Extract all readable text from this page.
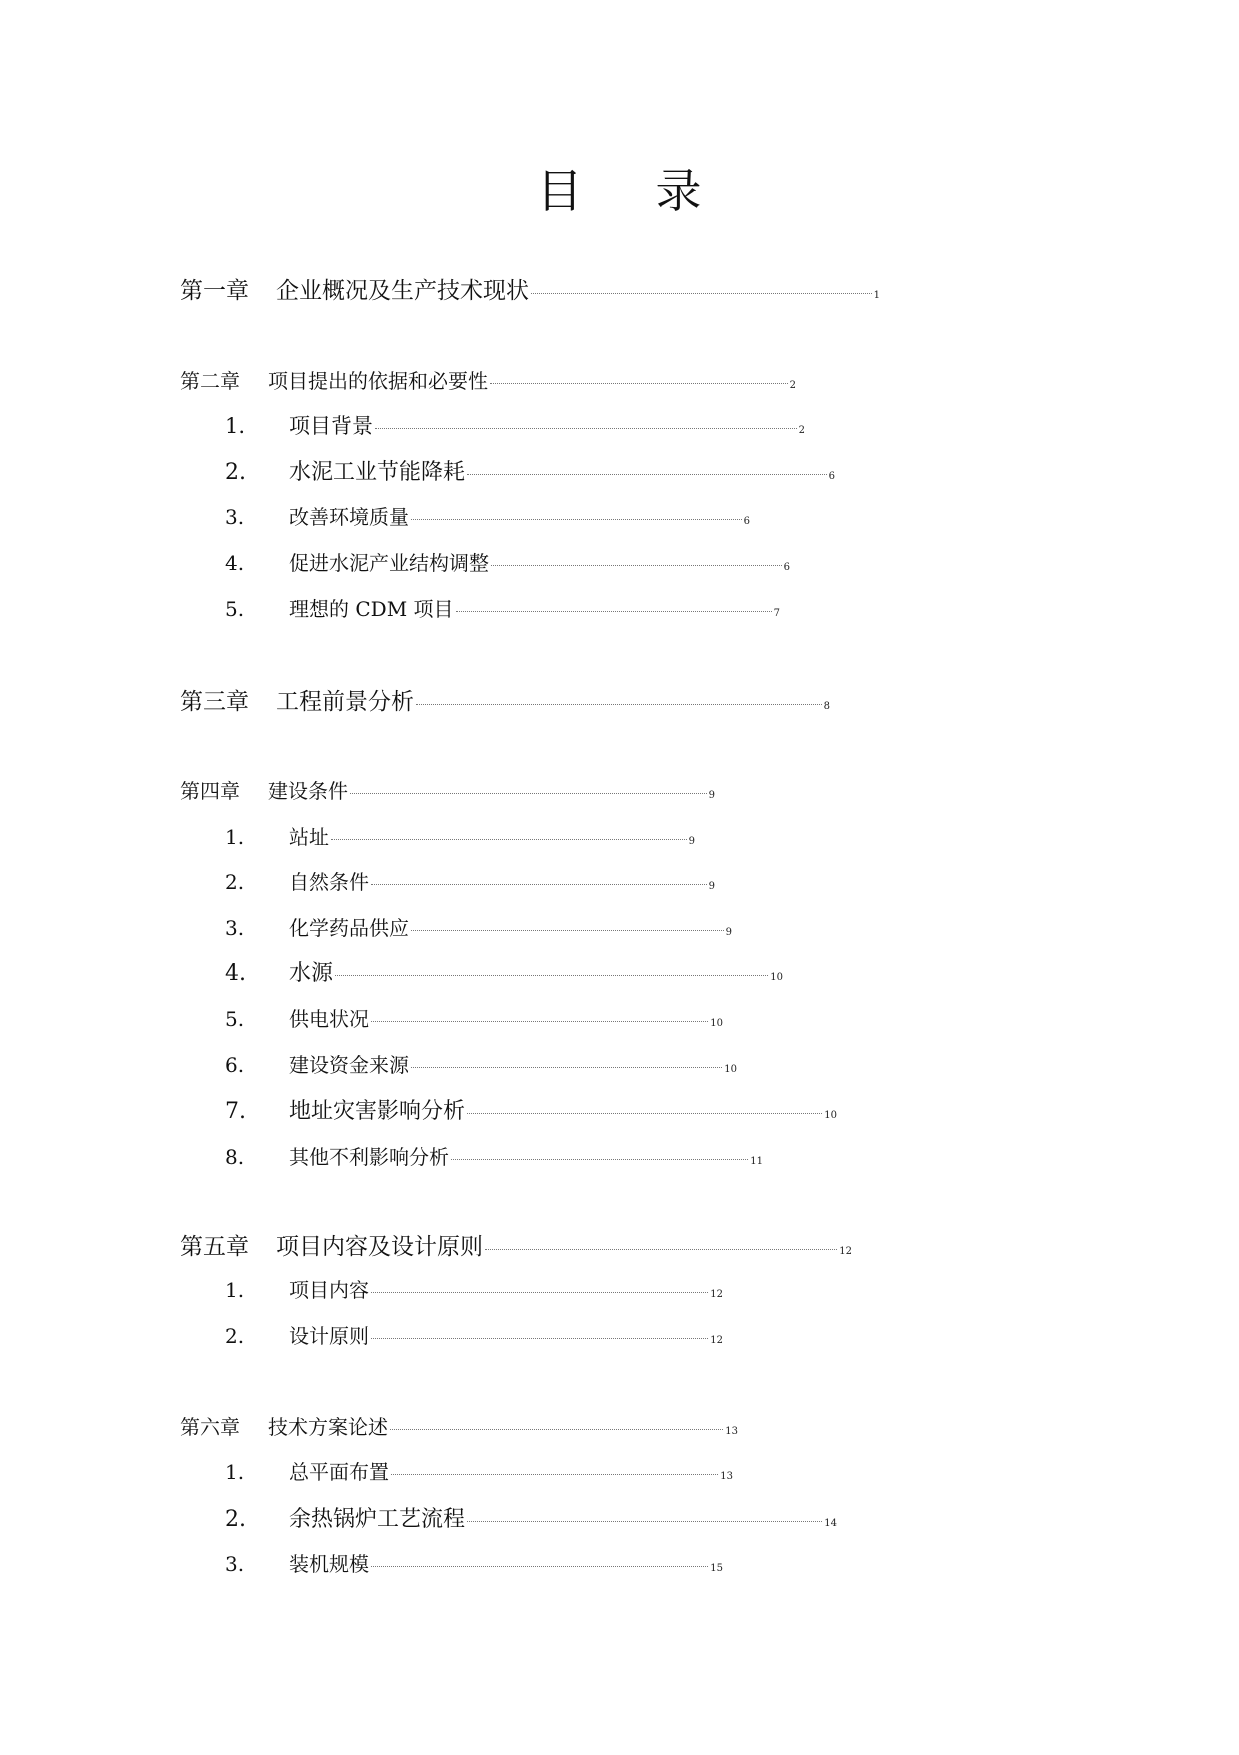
目 录
第一章	企业概况及生产技术现状	1
第二章	项目提出的依据和必要性	2
1.	项目背景	2
2.	水泥工业节能降耗	6
3.	改善环境质量	6
4.	促进水泥产业结构调整	6
5.	理想的 CDM 项目	7
第三章	工程前景分析	8
第四章	建设条件	9
1.	站址	9
2.	自然条件	9
3.	化学药品供应	9
4.	水源	10
5.	供电状况	10
6.	建设资金来源	10
7.	地址灾害影响分析	10
8.	其他不利影响分析	11
第五章	项目内容及设计原则	12
1.	项目内容	12
2.	设计原则	12
第六章	技术方案论述	13
1.	总平面布置	13
2.	余热锅炉工艺流程	14
3.	装机规模	15
